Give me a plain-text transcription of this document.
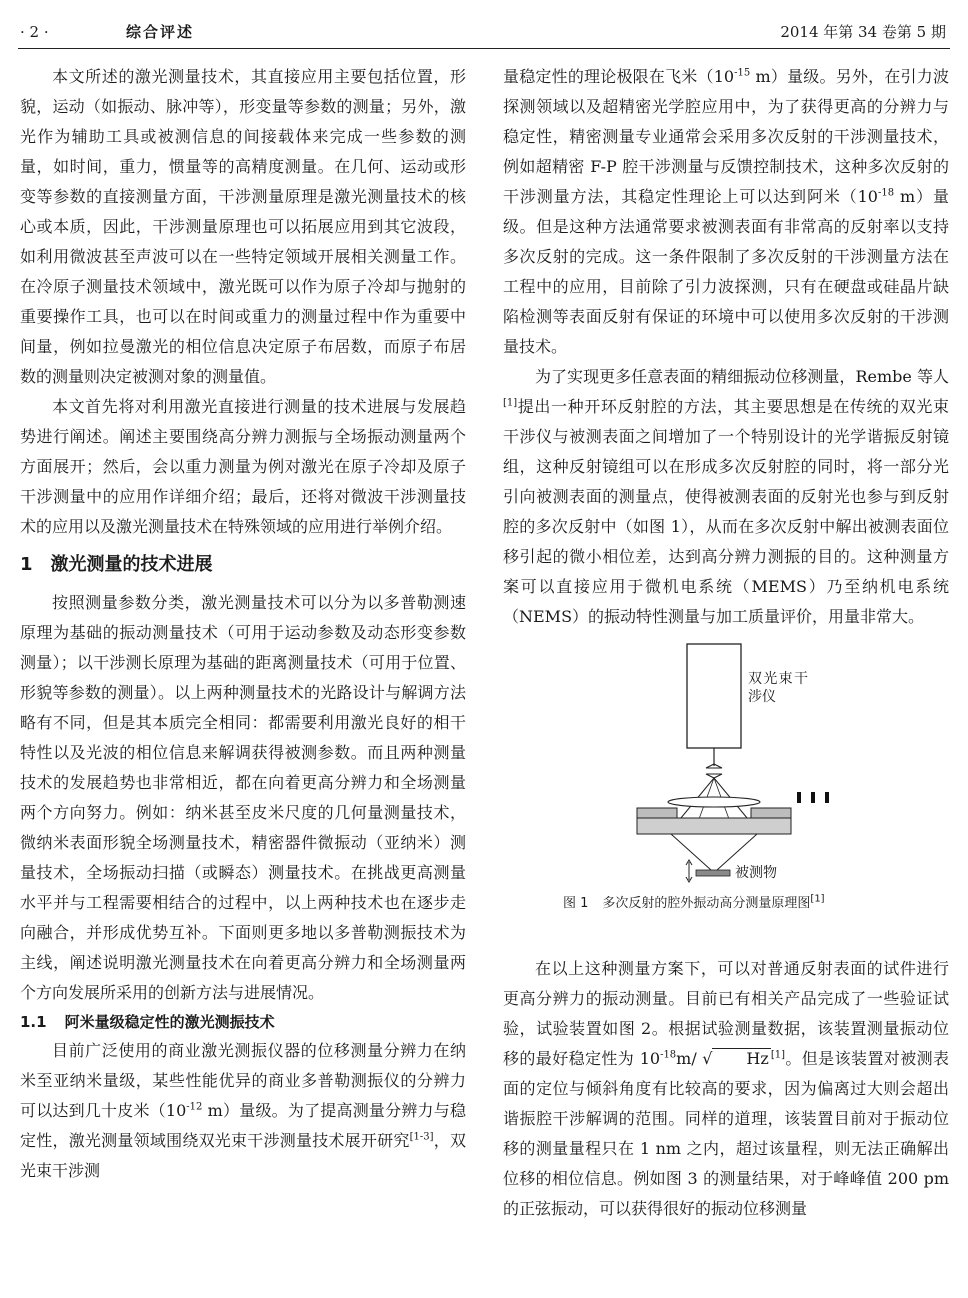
· 2 ·	综合评述	2014 年第 34 卷第 5 期

本文所述的激光测量技术，其直接应用主要包括位置，形貌，运动（如振动、脉冲等），形变量等参数的测量；另外，激光作为辅助工具或被测信息的间接载体来完成一些参数的测量，如时间，重力，惯量等的高精度测量。在几何、运动或形变等参数的直接测量方面，干涉测量原理是激光测量技术的核心或本质，因此，干涉测量原理也可以拓展应用到其它波段，如利用微波甚至声波可以在一些特定领域开展相关测量工作。在冷原子测量技术领域中，激光既可以作为原子冷却与抛射的重要操作工具，也可以在时间或重力的测量过程中作为重要中间量，例如拉曼激光的相位信息决定原子布居数，而原子布居数的测量则决定被测对象的测量值。

本文首先将对利用激光直接进行测量的技术进展与发展趋势进行阐述。阐述主要围绕高分辨力测振与全场振动测量两个方面展开；然后，会以重力测量为例对激光在原子冷却及原子干涉测量中的应用作详细介绍；最后，还将对微波干涉测量技术的应用以及激光测量技术在特殊领域的应用进行举例介绍。

1 激光测量的技术进展

按照测量参数分类，激光测量技术可以分为以多普勒测速原理为基础的振动测量技术（可用于运动参数及动态形变参数测量）；以干涉测长原理为基础的距离测量技术（可用于位置、形貌等参数的测量）。以上两种测量技术的光路设计与解调方法略有不同，但是其本质完全相同：都需要利用激光良好的相干特性以及光波的相位信息来解调获得被测参数。而且两种测量技术的发展趋势也非常相近，都在向着更高分辨力和全场测量两个方向努力。例如：纳米甚至皮米尺度的几何量测量技术，微纳米表面形貌全场测量技术，精密器件微振动（亚纳米）测量技术，全场振动扫描（或瞬态）测量技术。在挑战更高测量水平并与工程需要相结合的过程中，以上两种技术也在逐步走向融合，并形成优势互补。下面则更多地以多普勒测振技术为主线，阐述说明激光测量技术在向着更高分辨力和全场测量两个方向发展所采用的创新方法与进展情况。

1.1 阿米量级稳定性的激光测振技术

目前广泛使用的商业激光测振仪器的位移测量分辨力在纳米至亚纳米量级，某些性能优异的商业多普勒测振仪的分辨力可以达到几十皮米（$10^{-12}$ m）量级。为了提高测量分辨力与稳定性，激光测量领域围绕双光束干涉测量技术展开研究[1-3]，双光束干涉测

量稳定性的理论极限在飞米（$10^{-15}$ m）量级。另外，在引力波探测领域以及超精密光学腔应用中，为了获得更高的分辨力与稳定性，精密测量专业通常会采用多次反射的干涉测量技术，例如超精密 F-P 腔干涉测量与反馈控制技术，这种多次反射的干涉测量方法，其稳定性理论上可以达到阿米（$10^{-18}$ m）量级。但是这种方法通常要求被测表面有非常高的反射率以支持多次反射的完成。这一条件限制了多次反射的干涉测量方法在工程中的应用，目前除了引力波探测，只有在硬盘或硅晶片缺陷检测等表面反射有保证的环境中可以使用多次反射的干涉测量技术。

为了实现更多任意表面的精细振动位移测量，Rembe 等人[1]提出一种开环反射腔的方法，其主要思想是在传统的双光束干涉仪与被测表面之间增加了一个特别设计的光学谐振反射镜组，这种反射镜组可以在形成多次反射腔的同时，将一部分光引向被测表面的测量点，使得被测表面的反射光也参与到反射腔的多次反射中（如图 1），从而在多次反射中解出被测表面位移引起的微小相位差，达到高分辨力测振的目的。这种测量方案可以直接应用于微机电系统（MEMS）乃至纳机电系统（NEMS）的振动特性测量与加工质量评价，用量非常大。

双光束干涉仪
被测物
图 1 多次反射的腔外振动高分测量原理图[1]

在以上这种测量方案下，可以对普通反射表面的试件进行更高分辨力的振动测量。目前已有相关产品完成了一些验证试验，试验装置如图 2。根据试验测量数据，该装置测量振动位移的最好稳定性为 $10^{-18}m/$ √ Hz [1]。但是该装置对被测表面的定位与倾斜角度有比较高的要求，因为偏离过大则会超出谐振腔干涉解调的范围。同样的道理，该装置目前对于振动位移的测量量程只在 1 nm 之内，超过该量程，则无法正确解出位移的相位信息。例如图 3 的测量结果，对于峰峰值 200 pm 的正弦振动，可以获得很好的振动位移测量
